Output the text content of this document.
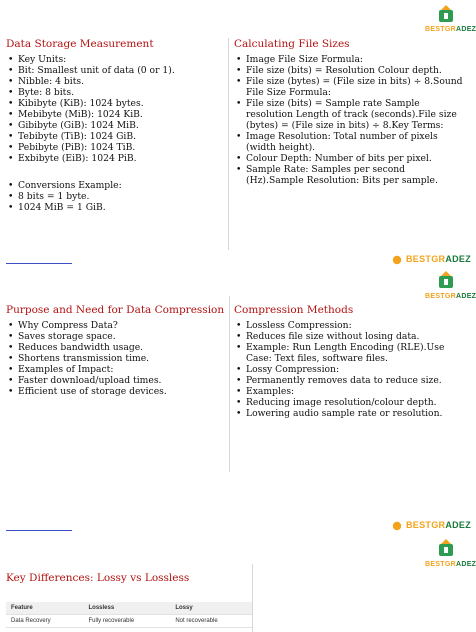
BESTGRADEZ
Data Storage Measurement
• Key Units:
• Bit: Smallest unit of data (0 or 1).
• Nibble: 4 bits.
• Byte: 8 bits.
• Kibibyte (KiB): 1024 bytes.
• Mebibyte (MiB): 1024 KiB.
• Gibibyte (GiB): 1024 MiB.
• Tebibyte (TiB): 1024 GiB.
• Pebibyte (PiB): 1024 TiB.
• Exbibyte (EiB): 1024 PiB.
• Conversions Example:
• 8 bits = 1 byte.
• 1024 MiB = 1 GiB.
Calculating File Sizes
• Image File Size Formula:
• File size (bits) = Resolution Colour depth.
• File size (bytes) = (File size in bits) ÷ 8.Sound File Size Formula:
• File size (bits) = Sample rate Sample resolution Length of track (seconds).File size (bytes) = (File size in bits) ÷ 8.Key Terms:
• Image Resolution: Total number of pixels (width height).
• Colour Depth: Number of bits per pixel.
• Sample Rate: Samples per second (Hz).Sample Resolution: Bits per sample.
BESTGRADEZ
BESTGRADEZ
Purpose and Need for Data Compression
• Why Compress Data?
• Saves storage space.
• Reduces bandwidth usage.
• Shortens transmission time.
• Examples of Impact:
• Faster download/upload times.
• Efficient use of storage devices.
Compression Methods
• Lossless Compression:
• Reduces file size without losing data.
• Example: Run Length Encoding (RLE).Use Case: Text files, software files.
• Lossy Compression:
• Permanently removes data to reduce size.
• Examples:
• Reducing image resolution/colour depth.
• Lowering audio sample rate or resolution.
BESTGRADEZ
BESTGRADEZ
Key Differences: Lossy vs Lossless
Feature	Lossless	Lossy
Data Recovery	Fully recoverable	Not recoverable
